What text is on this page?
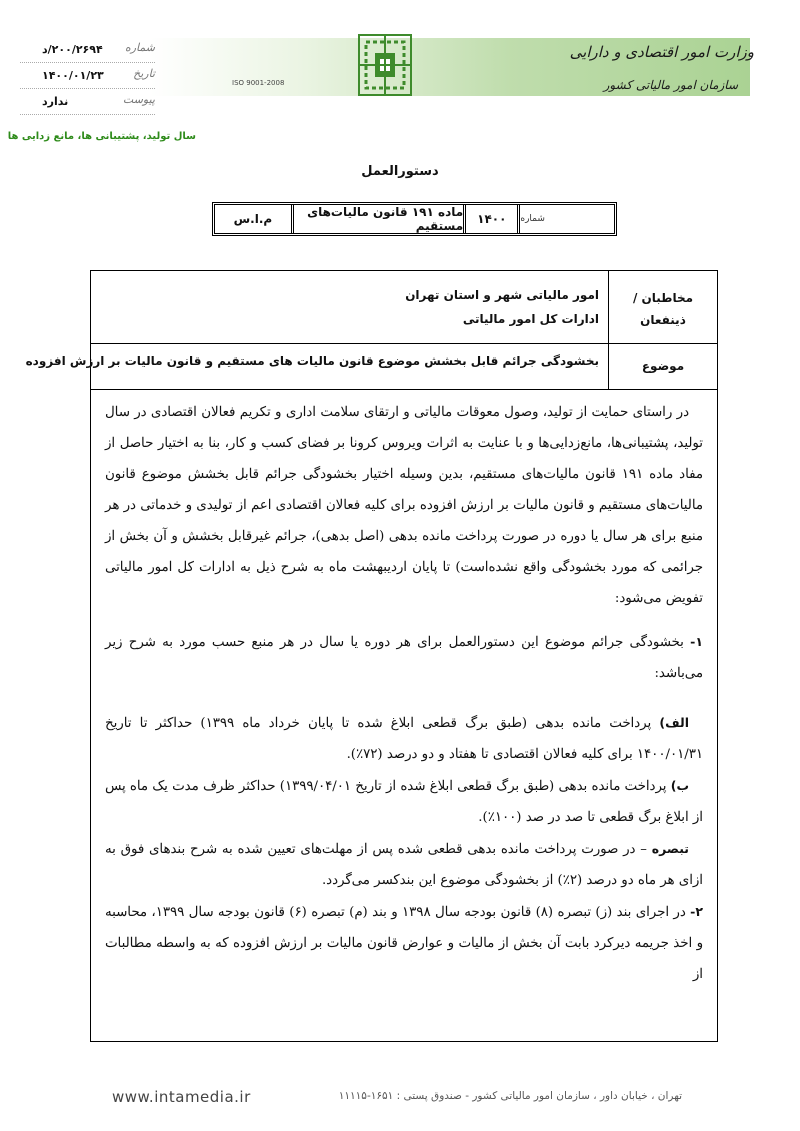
ISO 9001-2008
وزارت امور اقتصادی و دارایی
سازمان امور مالیاتی کشور
شماره
۲۰۰/۲۶۹۴/د
تاریخ
۱۴۰۰/۰۱/۲۳
پیوست
ندارد
سال تولید، پشتیبانی ها، مانع زدایی ها
دستورالعمل
شماره
۱۴۰۰
ماده ۱۹۱ قانون مالیات‌های مستقیم
م.ا.س
مخاطبان / ذینفعان
امور مالیاتی شهر و استان تهران
ادارات کل امور مالیاتی
موضوع
بخشودگی جرائم قابل بخشش موضوع قانون مالیات های مستقیم و قانون مالیات بر ارزش افزوده

در راستای حمایت از تولید، وصول معوقات مالیاتی و ارتقای سلامت اداری و تکریم فعالان اقتصادی در سال تولید، پشتیبانی‌ها، مانع‌زدایی‌ها و با عنایت به اثرات ویروس کرونا بر فضای کسب و کار، بنا به اختیار حاصل از مفاد ماده ۱۹۱ قانون مالیات‌های مستقیم، بدین وسیله اختیار بخشودگی جرائم قابل بخشش موضوع قانون مالیات‌های مستقیم و قانون مالیات بر ارزش افزوده برای کلیه فعالان اقتصادی اعم از تولیدی و خدماتی در هر منبع برای هر سال یا دوره در صورت پرداخت مانده بدهی (اصل بدهی)، جرائم غیرقابل بخشش و آن بخش از جرائمی که مورد بخشودگی واقع نشده‌است) تا پایان اردیبهشت ماه به شرح ذیل به ادارات کل امور مالیاتی تفویض می‌شود:

۱- بخشودگی جرائم موضوع این دستورالعمل برای هر دوره یا سال در هر منبع حسب مورد به شرح زیر می‌باشد:

الف) پرداخت مانده بدهی (طبق برگ قطعی ابلاغ شده تا پایان خرداد ماه ۱۳۹۹) حداکثر تا تاریخ ۱۴۰۰/۰۱/۳۱ برای کلیه فعالان اقتصادی تا هفتاد و دو درصد (۷۲٪).

ب) پرداخت مانده بدهی (طبق برگ قطعی ابلاغ شده از تاریخ ۱۳۹۹/۰۴/۰۱) حداکثر ظرف مدت یک ماه پس از ابلاغ برگ قطعی تا صد در صد (۱۰۰٪).

تبصره – در صورت پرداخت مانده بدهی قطعی شده پس از مهلت‌های تعیین شده به شرح بندهای فوق به ازای هر ماه دو درصد (۲٪) از بخشودگی موضوع این بندکسر می‌گردد.

۲- در اجرای بند (ز) تبصره (۸) قانون بودجه سال ۱۳۹۸ و بند (م) تبصره (۶) قانون بودجه سال ۱۳۹۹، محاسبه و اخذ جریمه دیرکرد بابت آن بخش از مالیات و عوارض قانون مالیات بر ارزش افزوده که به واسطه مطالبات از

www.intamedia.ir	تهران ، خیابان داور ، سازمان امور مالیاتی کشور - صندوق پستی : ۱۶۵۱-۱۱۱۱۵
